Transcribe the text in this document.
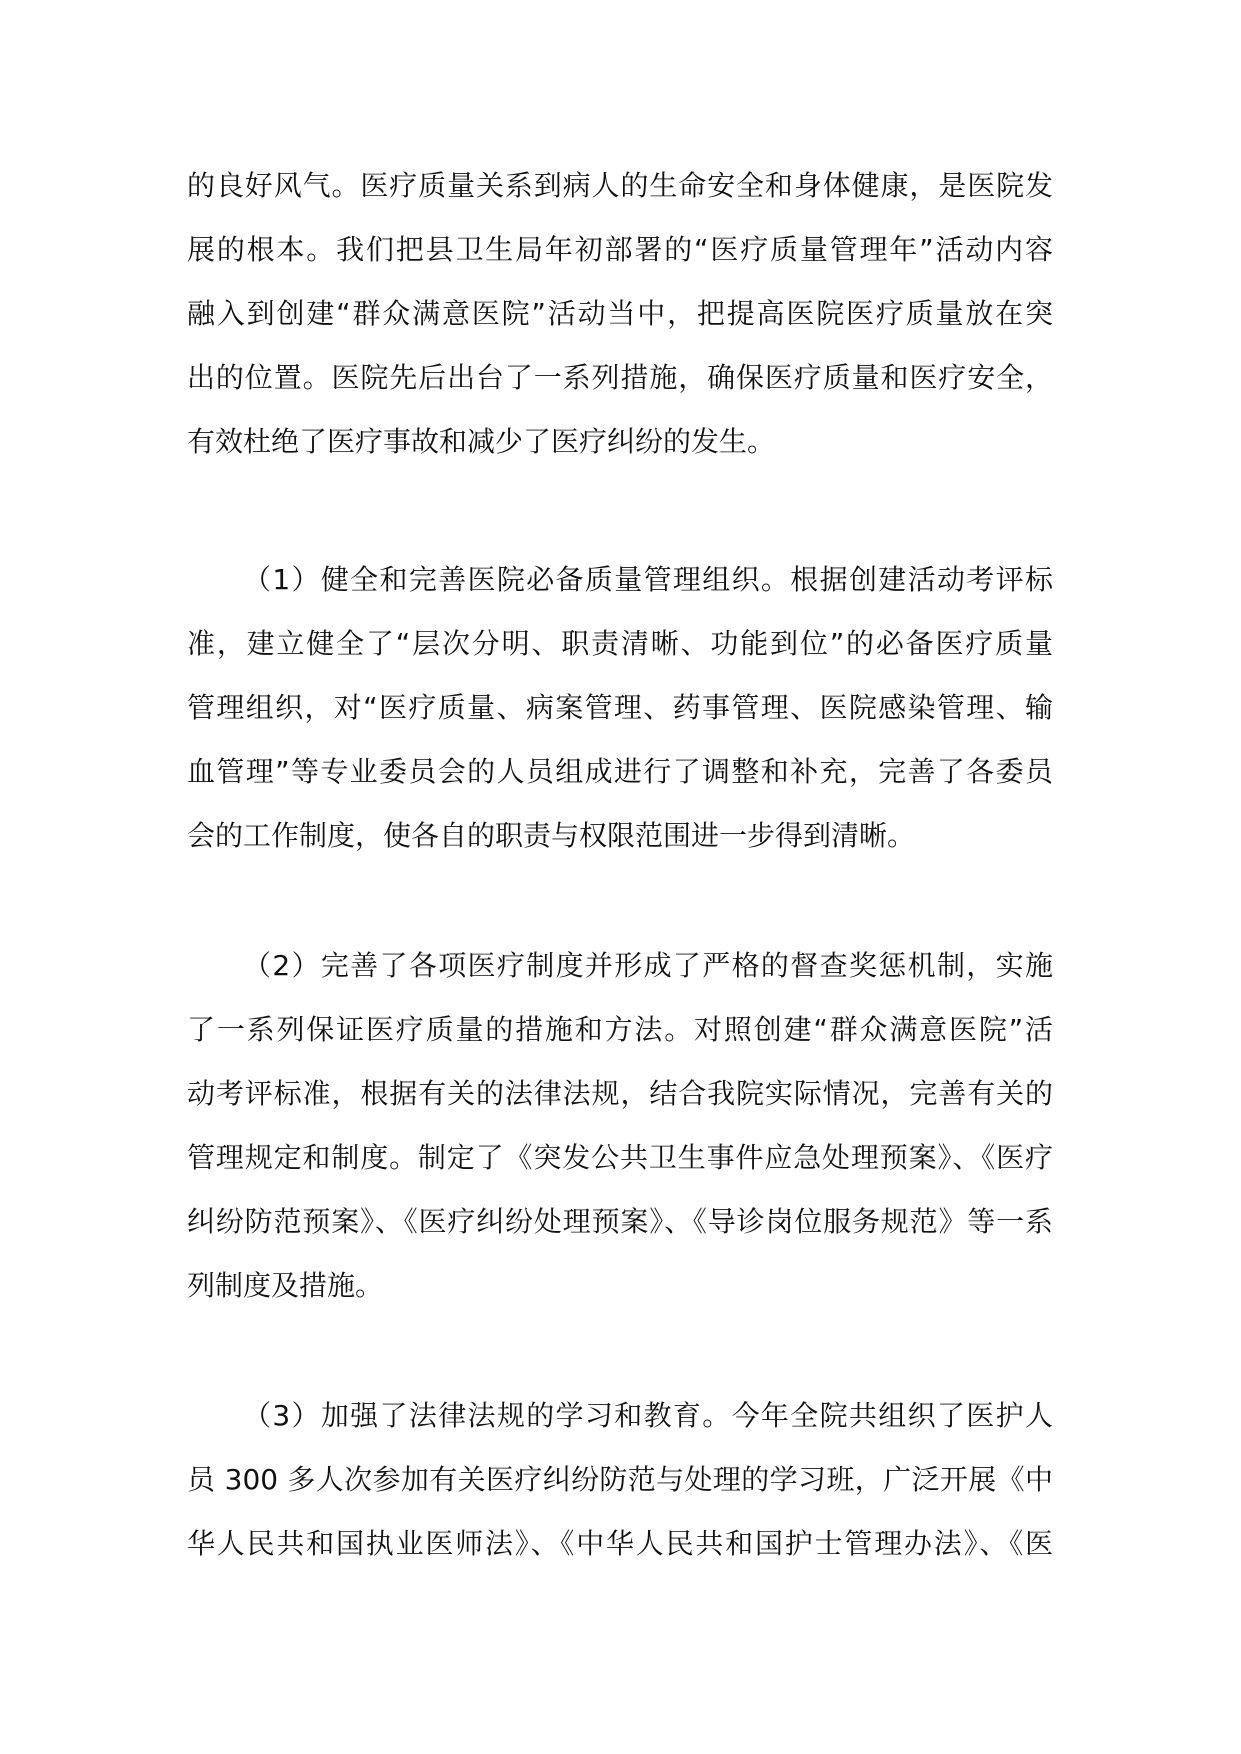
的良好风气。医疗质量关系到病人的生命安全和身体健康，是医院发
展的根本。我们把县卫生局年初部署的“医疗质量管理年”活动内容
融入到创建“群众满意医院”活动当中，把提高医院医疗质量放在突
出的位置。医院先后出台了一系列措施，确保医疗质量和医疗安全，
有效杜绝了医疗事故和减少了医疗纠纷的发生。
（1）健全和完善医院必备质量管理组织。根据创建活动考评标
准，建立健全了“层次分明、职责清晰、功能到位”的必备医疗质量
管理组织，对“医疗质量、病案管理、药事管理、医院感染管理、输
血管理”等专业委员会的人员组成进行了调整和补充，完善了各委员
会的工作制度，使各自的职责与权限范围进一步得到清晰。
（2）完善了各项医疗制度并形成了严格的督查奖惩机制，实施
了一系列保证医疗质量的措施和方法。对照创建“群众满意医院”活
动考评标准，根据有关的法律法规，结合我院实际情况，完善有关的
管理规定和制度。制定了《突发公共卫生事件应急处理预案》、《医疗
纠纷防范预案》、《医疗纠纷处理预案》、《导诊岗位服务规范》等一系
列制度及措施。
（3）加强了法律法规的学习和教育。今年全院共组织了医护人
员 300 多人次参加有关医疗纠纷防范与处理的学习班，广泛开展《中
华人民共和国执业医师法》、《中华人民共和国护士管理办法》、《医
